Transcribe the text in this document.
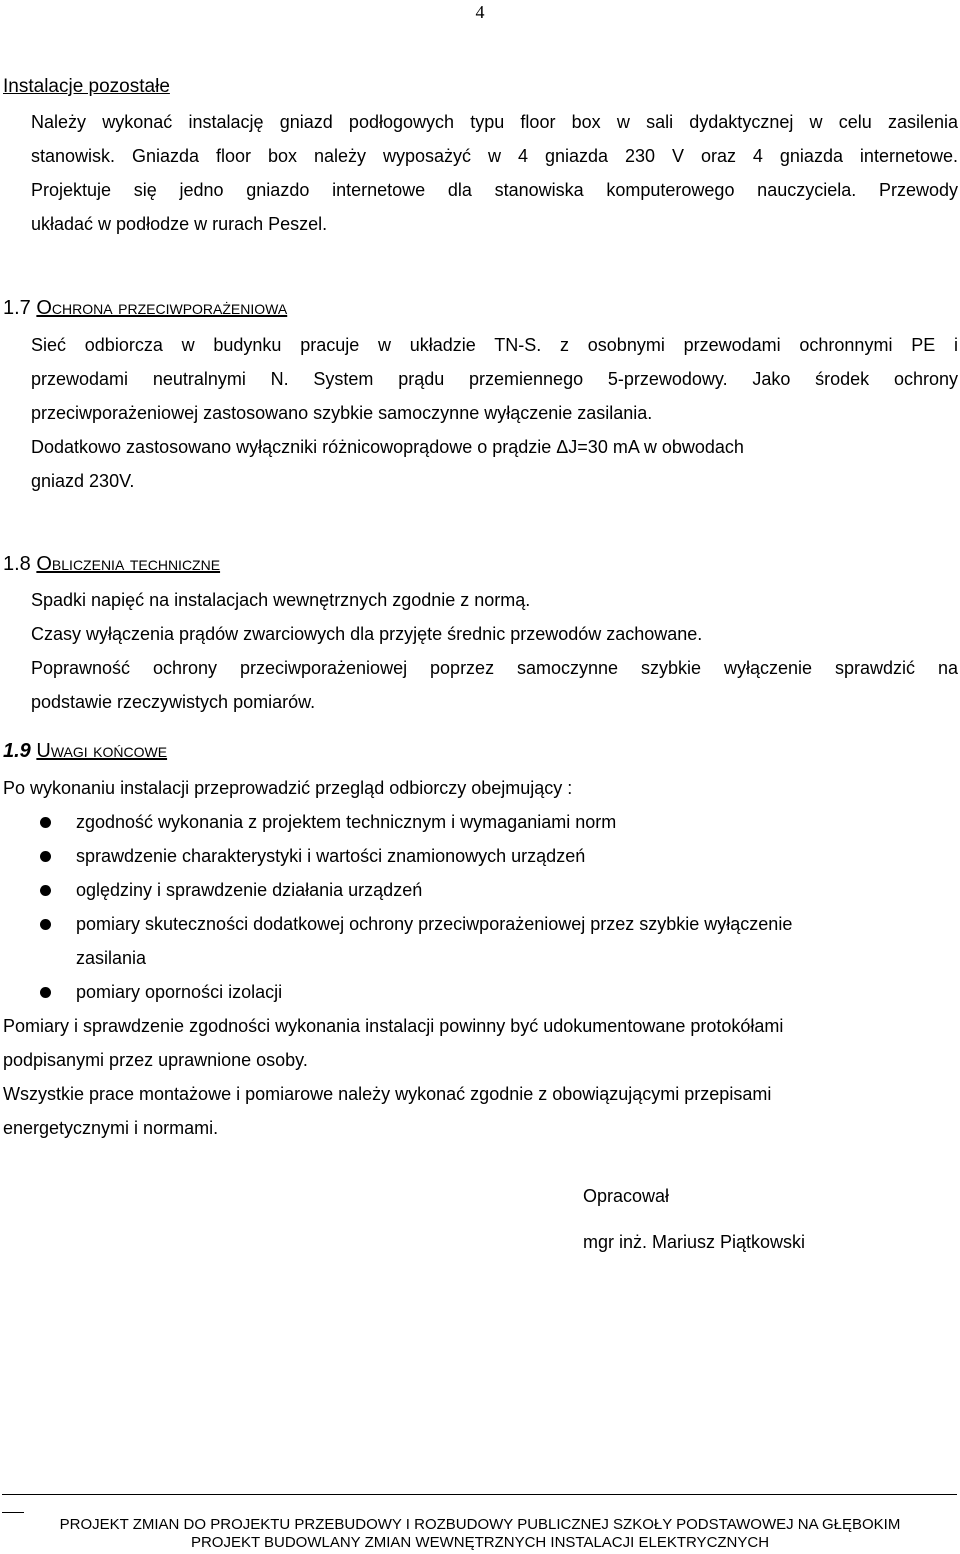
4
Instalacje pozostałe
Należy wykonać instalację gniazd podłogowych typu floor box w sali dydaktycznej w celu zasilenia
stanowisk. Gniazda floor box należy wyposażyć w 4 gniazda 230 V oraz 4 gniazda internetowe.
Projektuje się jedno gniazdo internetowe dla stanowiska komputerowego nauczyciela. Przewody
układać w podłodze w rurach Peszel.
1.7 Ochrona przeciwporażeniowa
Sieć odbiorcza w budynku pracuje w układzie TN-S. z osobnymi przewodami ochronnymi PE i
przewodami neutralnymi N. System prądu przemiennego 5-przewodowy. Jako środek ochrony
przeciwporażeniowej zastosowano szybkie samoczynne wyłączenie zasilania.
Dodatkowo zastosowano wyłączniki różnicowoprądowe o prądzie ΔJ=30 mA w obwodach
gniazd 230V.
1.8 Obliczenia techniczne
Spadki napięć na instalacjach wewnętrznych zgodnie z normą.
Czasy wyłączenia prądów zwarciowych dla przyjęte średnic przewodów zachowane.
Poprawność ochrony przeciwporażeniowej poprzez samoczynne szybkie wyłączenie sprawdzić na
podstawie rzeczywistych pomiarów.
1.9 Uwagi końcowe
Po wykonaniu instalacji przeprowadzić przegląd odbiorczy obejmujący :
zgodność wykonania z projektem technicznym i wymaganiami norm
sprawdzenie charakterystyki i wartości znamionowych urządzeń
oględziny i sprawdzenie działania urządzeń
pomiary skuteczności dodatkowej ochrony przeciwporażeniowej przez szybkie wyłączenie
zasilania
pomiary oporności izolacji
Pomiary i sprawdzenie zgodności wykonania instalacji powinny być udokumentowane protokółami
podpisanymi przez uprawnione osoby.
Wszystkie prace montażowe i pomiarowe należy wykonać zgodnie z obowiązującymi przepisami
energetycznymi i normami.
Opracował
mgr inż. Mariusz Piątkowski
PROJEKT ZMIAN DO PROJEKTU PRZEBUDOWY I ROZBUDOWY PUBLICZNEJ SZKOŁY PODSTAWOWEJ NA GŁĘBOKIM
PROJEKT BUDOWLANY ZMIAN WEWNĘTRZNYCH INSTALACJI ELEKTRYCZNYCH
